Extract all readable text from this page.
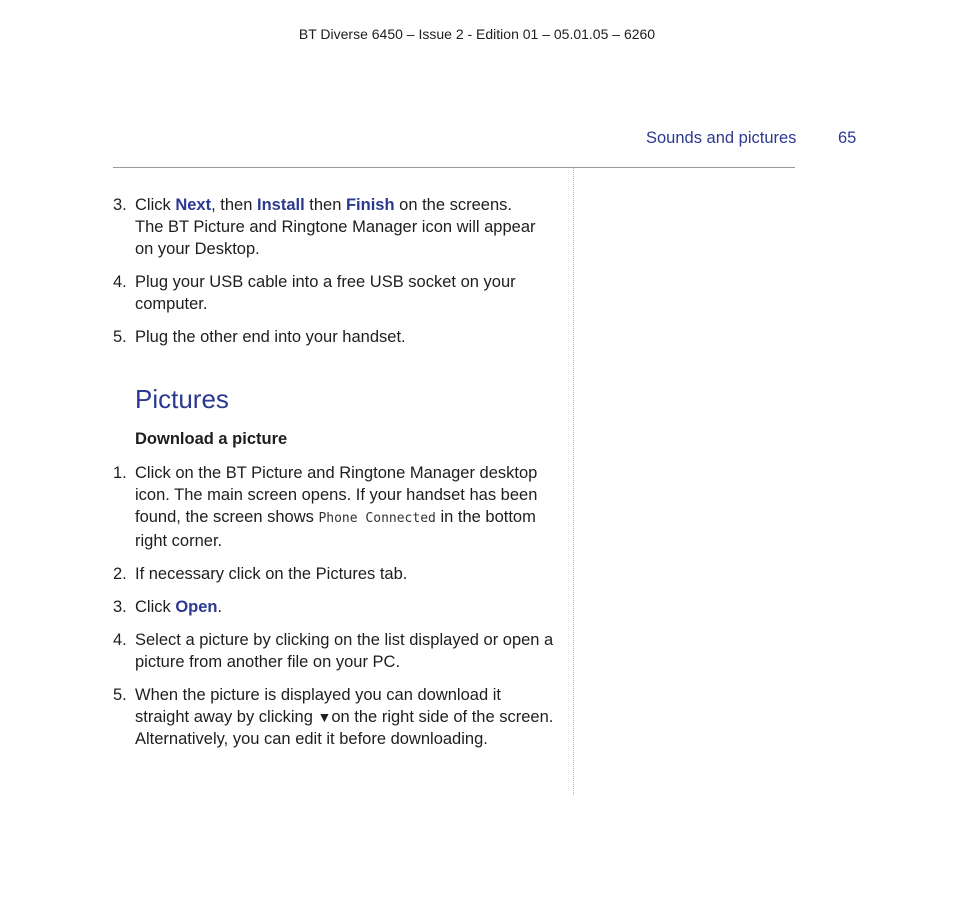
BT Diverse 6450 – Issue 2 - Edition 01 – 05.01.05 – 6260
Sounds and pictures	65
3. Click Next, then Install then Finish on the screens.
The BT Picture and Ringtone Manager icon will appear on your Desktop.
4. Plug your USB cable into a free USB socket on your computer.
5. Plug the other end into your handset.
Pictures
Download a picture
1. Click on the BT Picture and Ringtone Manager desktop icon. The main screen opens. If your handset has been found, the screen shows Phone Connected in the bottom right corner.
2. If necessary click on the Pictures tab.
3. Click Open.
4. Select a picture by clicking on the list displayed or open a picture from another file on your PC.
5. When the picture is displayed you can download it straight away by clicking ▼on the right side of the screen. Alternatively, you can edit it before downloading.
